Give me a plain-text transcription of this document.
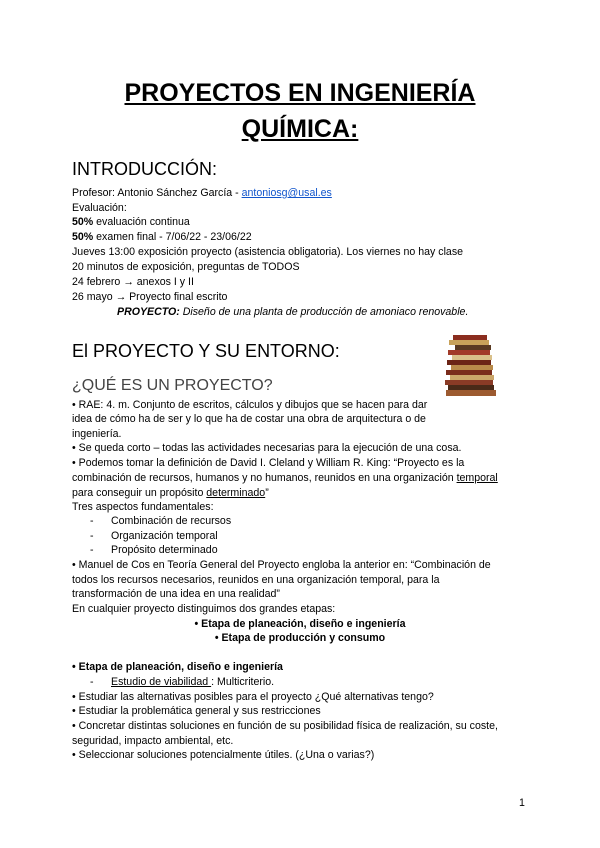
PROYECTOS EN INGENIERÍA
QUÍMICA:
INTRODUCCIÓN:
Profesor: Antonio Sánchez García - antoniosg@usal.es
Evaluación:
50% evaluación continua
50% examen final - 7/06/22 - 23/06/22
Jueves 13:00 exposición proyecto (asistencia obligatoria). Los viernes no hay clase
20 minutos de exposición, preguntas de TODOS
24 febrero → anexos I y II
26 mayo → Proyecto final escrito
PROYECTO: Diseño de una planta de producción de amoniaco renovable.
El PROYECTO Y SU ENTORNO:
¿QUÉ ES UN PROYECTO?
• RAE: 4. m. Conjunto de escritos, cálculos y dibujos que se hacen para dar
idea de cómo ha de ser y lo que ha de costar una obra de arquitectura o de
ingeniería.
• Se queda corto – todas las actividades necesarias para la ejecución de una cosa.
• Podemos tomar la definición de David I. Cleland y William R. King: “Proyecto es la
combinación de recursos, humanos y no humanos, reunidos en una organización temporal
para conseguir un propósito determinado”
Tres aspectos fundamentales:
- Combinación de recursos
- Organización temporal
- Propósito determinado
• Manuel de Cos en Teoría General del Proyecto engloba la anterior en: “Combinación de
todos los recursos necesarios, reunidos en una organización temporal, para la
transformación de una idea en una realidad”
En cualquier proyecto distinguimos dos grandes etapas:
• Etapa de planeación, diseño e ingeniería
• Etapa de producción y consumo
• Etapa de planeación, diseño e ingeniería
- Estudio de viabilidad : Multicriterio.
• Estudiar las alternativas posibles para el proyecto ¿Qué alternativas tengo?
• Estudiar la problemática general y sus restricciones
• Concretar distintas soluciones en función de su posibilidad física de realización, su coste,
seguridad, impacto ambiental, etc.
• Seleccionar soluciones potencialmente útiles. (¿Una o varias?)
1
